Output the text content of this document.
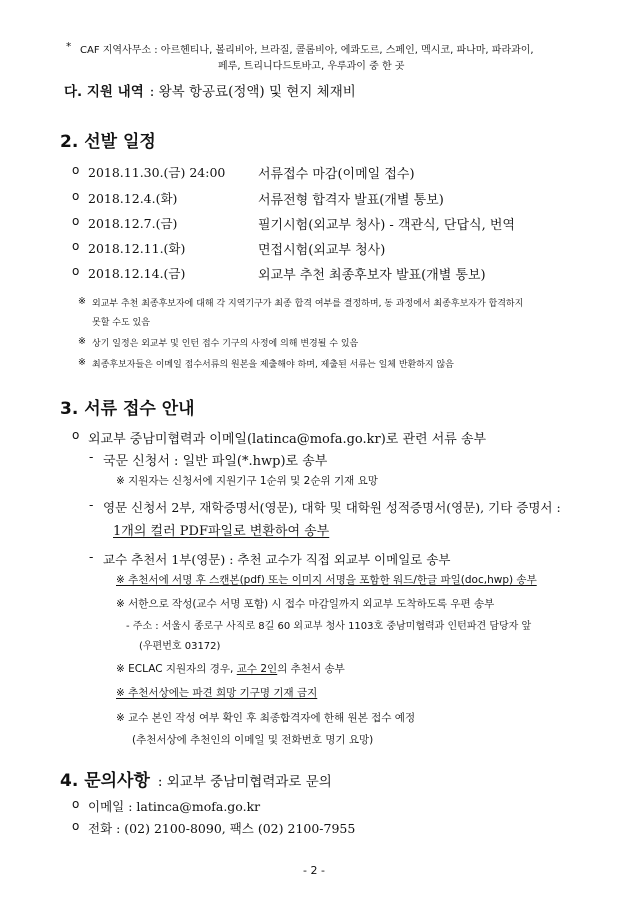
* CAF 지역사무소 : 아르헨티나, 볼리비아, 브라질, 콜롬비아, 에콰도르, 스페인, 멕시코, 파나마, 파라과이,
페루, 트리니다드토바고, 우루과이 중 한 곳
다. 지원 내역 : 왕복 항공료(정액) 및 현지 체재비
2. 선발 일정
ο 2018.11.30.(금) 24:00	서류접수 마감(이메일 접수)
ο 2018.12.4.(화)	서류전형 합격자 발표(개별 통보)
ο 2018.12.7.(금)	필기시험(외교부 청사) - 객관식, 단답식, 번역
ο 2018.12.11.(화)	면접시험(외교부 청사)
ο 2018.12.14.(금)	외교부 추천 최종후보자 발표(개별 통보)
※ 외교부 추천 최종후보자에 대해 각 지역기구가 최종 합격 여부를 결정하며, 동 과정에서 최종후보자가 합격하지
못할 수도 있음
※ 상기 일정은 외교부 및 인턴 접수 기구의 사정에 의해 변경될 수 있음
※ 최종후보자들은 이메일 접수서류의 원본을 제출해야 하며, 제출된 서류는 일체 반환하지 않음
3. 서류 접수 안내
ο 외교부 중남미협력과 이메일(latinca@mofa.go.kr)로 관련 서류 송부
- 국문 신청서 : 일반 파일(*.hwp)로 송부
※ 지원자는 신청서에 지원기구 1순위 및 2순위 기재 요망
- 영문 신청서 2부, 재학증명서(영문), 대학 및 대학원 성적증명서(영문), 기타 증명서 :
1개의 컬러 PDF파일로 변환하여 송부
- 교수 추천서 1부(영문) : 추천 교수가 직접 외교부 이메일로 송부
※ 추천서에 서명 후 스캔본(pdf) 또는 이미지 서명을 포함한 워드/한글 파일(doc,hwp) 송부
※ 서한으로 작성(교수 서명 포함) 시 접수 마감일까지 외교부 도착하도록 우편 송부
- 주소 : 서울시 종로구 사직로 8길 60 외교부 청사 1103호 중남미협력과 인턴파견 담당자 앞
(우편번호 03172)
※ ECLAC 지원자의 경우, 교수 2인의 추천서 송부
※ 추천서상에는 파견 희망 기구명 기재 금지
※ 교수 본인 작성 여부 확인 후 최종합격자에 한해 원본 접수 예정
(추천서상에 추천인의 이메일 및 전화번호 명기 요망)
4. 문의사항 : 외교부 중남미협력과로 문의
ο 이메일 : latinca@mofa.go.kr
ο 전화 : (02) 2100-8090, 팩스 (02) 2100-7955
- 2 -
